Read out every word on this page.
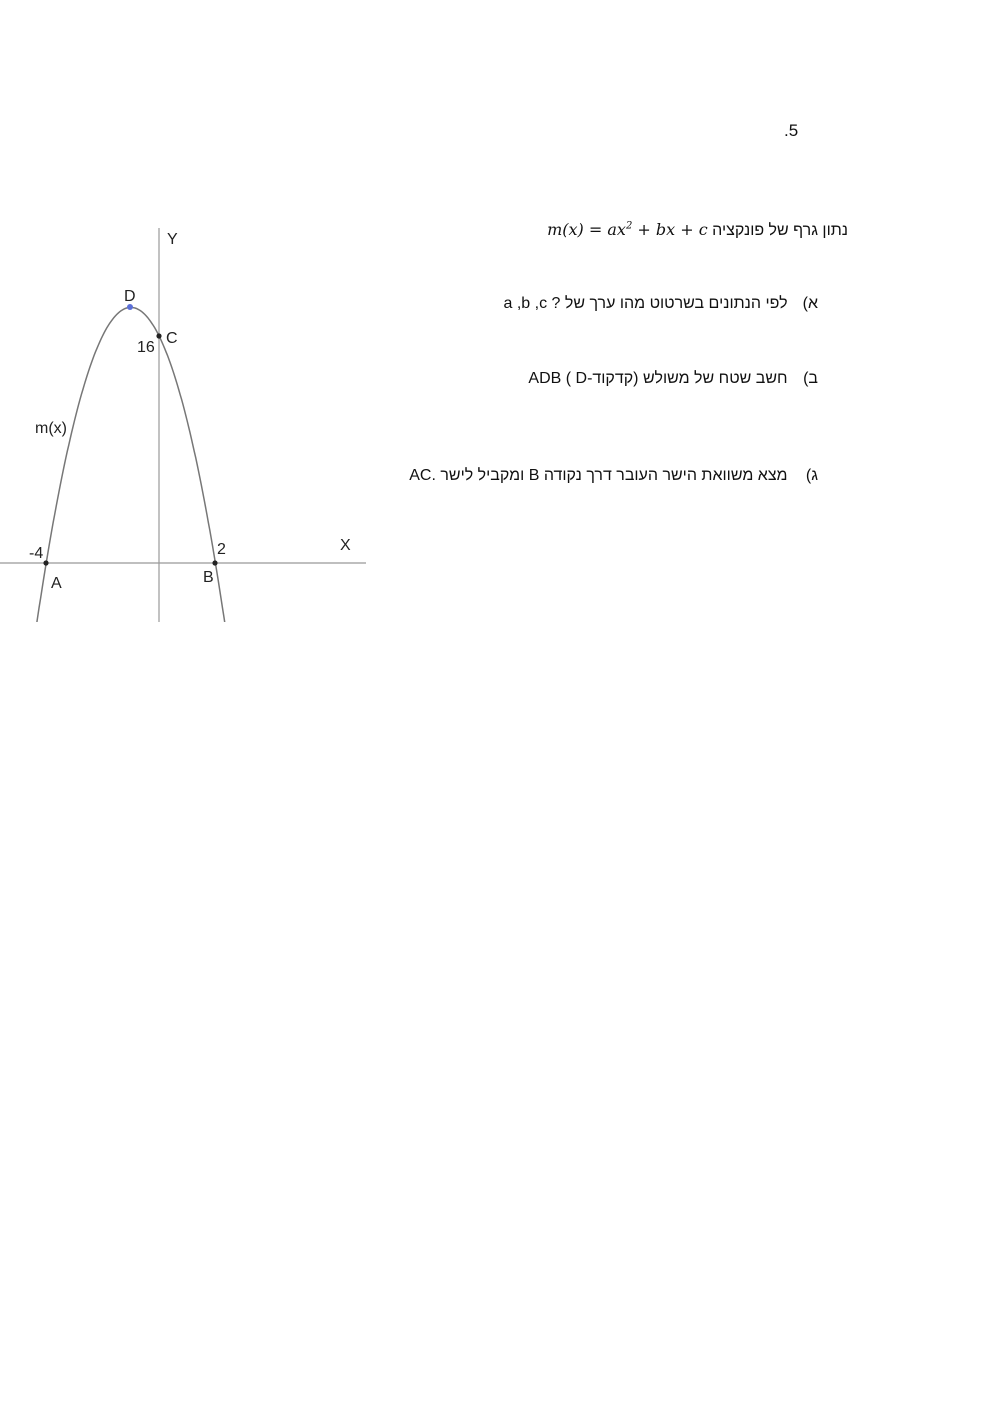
.5
נתון גרף של פונקציה $m(x) = ax^2$ + bx + c
א) לפי הנתונים בשרטוט מהו ערך של a ,b ,c ?
ב) חשב שטח של משולש ADB ( D-קדקוד)
ג) מצא משוואת הישר העובר דרך נקודה B ומקביל לישר AC.
Y
X
m(x)
D
C
16
-4
A
2
B
